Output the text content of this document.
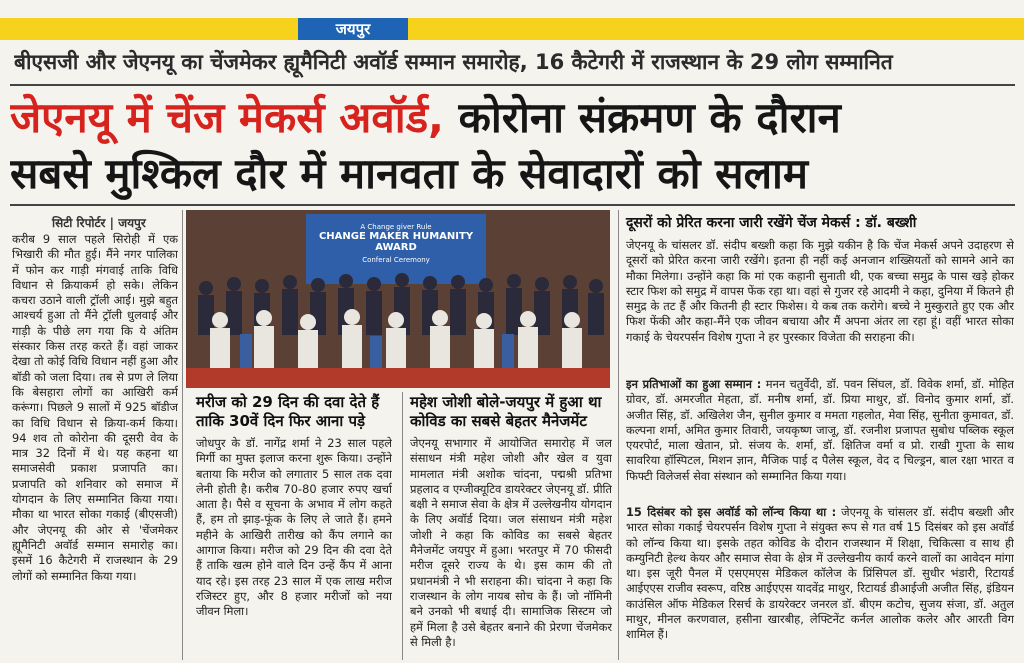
जयपुर
बीएसजी और जेएनयू का चेंजमेकर ह्यूमैनिटी अवॉर्ड सम्मान समारोह, 16 कैटेगरी में राजस्थान के 29 लोग सम्मानित
जेएनयू में चेंज मेकर्स अवॉर्ड, कोरोना संक्रमण के दौरान
सबसे मुश्किल दौर में मानवता के सेवादारों को सलाम
सिटी रिपोर्टर | जयपुर
करीब 9 साल पहले सिरोही में एक भिखारी की मौत हुई। मैंने नगर पालिका में फोन कर गाड़ी मंगवाई ताकि विधि विधान से क्रियाकर्म हो सके। लेकिन कचरा उठाने वाली ट्रॉली आई। मुझे बहुत आश्चर्य हुआ तो मैंने ट्रॉली धुलवाई और गाड़ी के पीछे लग गया कि ये अंतिम संस्कार किस तरह करते हैं। वहां जाकर देखा तो कोई विधि विधान नहीं हुआ और बॉडी को जला दिया। तब से प्रण ले लिया कि बेसहारा लोगों का आखिरी कर्म करूंगा। पिछले 9 सालों में 925 बॉडीज का विधि विधान से क्रिया-कर्म किया। 94 शव तो कोरोना की दूसरी वेव के मात्र 32 दिनों में थे। यह कहना था समाजसेवी प्रकाश प्रजापति का। प्रजापति को शनिवार को समाज में योगदान के लिए सम्मानित किया गया। मौका था भारत सोका गकाई (बीएसजी) और जेएनयू की ओर से 'चेंजमेकर ह्यूमैनिटी अवॉर्ड सम्मान समारोह का। इसमें 16 कैटेगरी में राजस्थान के 29 लोगों को सम्मानित किया गया।
A Change giver Rule
CHANGE MAKER HUMANITY AWARD
Conferal Ceremony
मरीज को 29 दिन की दवा देते हैं ताकि 30वें दिन फिर आना पड़े
जोधपुर के डॉ. नागेंद्र शर्मा ने 23 साल पहले मिर्गी का मुफ्त इलाज करना शुरू किया। उन्होंने बताया कि मरीज को लगातार 5 साल तक दवा लेनी होती है। करीब 70-80 हजार रुपए खर्चा आता है। पैसे व सूचना के अभाव में लोग कहते हैं, हम तो झाड़-फूंक के लिए ले जाते हैं। हमने महीने के आखिरी तारीख को कैंप लगाने का आगाज किया। मरीज को 29 दिन की दवा देते हैं ताकि खत्म होने वाले दिन उन्हें कैंप में आना याद रहे। इस तरह 23 साल में एक लाख मरीज रजिस्टर हुए, और 8 हजार मरीजों को नया जीवन मिला।
महेश जोशी बोले-जयपुर में हुआ था कोविड का सबसे बेहतर मैनेजमेंट
जेएनयू सभागार में आयोजित समारोह में जल संसाधन मंत्री महेश जोशी और खेल व युवा मामलात मंत्री अशोक चांदना, पद्मश्री प्रतिभा प्रहलाद व एग्जीक्यूटिव डायरेक्टर जेएनयू डॉ. प्रीति बक्षी ने समाज सेवा के क्षेत्र में उल्लेखनीय योगदान के लिए अवॉर्ड दिया। जल संसाधन मंत्री महेश जोशी ने कहा कि कोविड का सबसे बेहतर मैनेजमेंट जयपुर में हुआ। भरतपुर में 70 फीसदी मरीज दूसरे राज्य के थे। इस काम की तो प्रधानमंत्री ने भी सराहना की। चांदना ने कहा कि राजस्थान के लोग नायब सोच के हैं। जो नॉमिनी बने उनको भी बधाई दी। सामाजिक सिस्टम जो हमें मिला है उसे बेहतर बनाने की प्रेरणा चेंजमेकर से मिली है।
दूसरों को प्रेरित करना जारी रखेंगे चेंज मेकर्स : डॉ. बख्शी
जेएनयू के चांसलर डॉ. संदीप बख्शी कहा कि मुझे यकीन है कि चेंज मेकर्स अपने उदाहरण से दूसरों को प्रेरित करना जारी रखेंगे। इतना ही नहीं कई अनजान शख्सियतों को सामने आने का मौका मिलेगा। उन्होंने कहा कि मां एक कहानी सुनाती थी, एक बच्चा समुद्र के पास खड़े होकर स्टार फिश को समुद्र में वापस फेंक रहा था। वहां से गुजर रहे आदमी ने कहा, दुनिया में कितने ही समुद्र के तट हैं और कितनी ही स्टार फिशेस। ये कब तक करोगे। बच्चे ने मुस्कुराते हुए एक और फिश फेंकी और कहा-मैंने एक जीवन बचाया और मैं अपना अंतर ला रहा हूं। वहीं भारत सोका गकाई के चेयरपर्सन विशेष गुप्ता ने हर पुरस्कार विजेता की सराहना की।
इन प्रतिभाओं का हुआ सम्मान : मनन चतुर्वेदी, डॉ. पवन सिंघल, डॉ. विवेक शर्मा, डॉ. मोहित ग्रोवर, डॉ. अमरजीत मेहता, डॉ. मनीष शर्मा, डॉ. प्रिया माथुर, डॉ. विनोद कुमार शर्मा, डॉ. अजीत सिंह, डॉ. अखिलेश जैन, सुनील कुमार व ममता गहलोत, मेवा सिंह, सुनीता कुमावत, डॉ. कल्पना शर्मा, अमित कुमार तिवारी, जयकृष्ण जाजू, डॉ. रजनीश प्रजापत सुबोध पब्लिक स्कूल एयरपोर्ट, माला खेतान, प्रो. संजय के. शर्मा, डॉ. क्षितिज वर्मा व प्रो. राखी गुप्ता के साथ सावरिया हॉस्पिटल, मिशन ज्ञान, मैजिक पाई द पैलेस स्कूल, वेद द चिल्ड्रन, बाल रक्षा भारत व फिफ्टी विलेजर्स सेवा संस्थान को सम्मानित किया गया।
15 दिसंबर को इस अवॉर्ड को लॉन्च किया था : जेएनयू के चांसलर डॉ. संदीप बख्शी और भारत सोका गकाई चेयरपर्सन विशेष गुप्ता ने संयुक्त रूप से गत वर्ष 15 दिसंबर को इस अवॉर्ड को लॉन्च किया था। इसके तहत कोविड के दौरान राजस्थान में शिक्षा, चिकित्सा व साथ ही कम्युनिटी हेल्थ केयर और समाज सेवा के क्षेत्र में उल्लेखनीय कार्य करने वालों का आवेदन मांगा था। इस जूरी पैनल में एसएमएस मेडिकल कॉलेज के प्रिंसिपल डॉ. सुधीर भंडारी, रिटायर्ड आईएएस राजीव स्वरूप, वरिष्ठ आईएएस यादवेंद्र माथुर, रिटायर्ड डीआईजी अजीत सिंह, इंडियन काउंसिल ऑफ मेडिकल रिसर्च के डायरेक्टर जनरल डॉ. बीएम कटोच, सुजय संजा, डॉ. अतुल माथुर, मीनल करणवाल, हसीना खारबीह, लेफ्टिनेंट कर्नल आलोक कलेर और आरती विग शामिल हैं।
